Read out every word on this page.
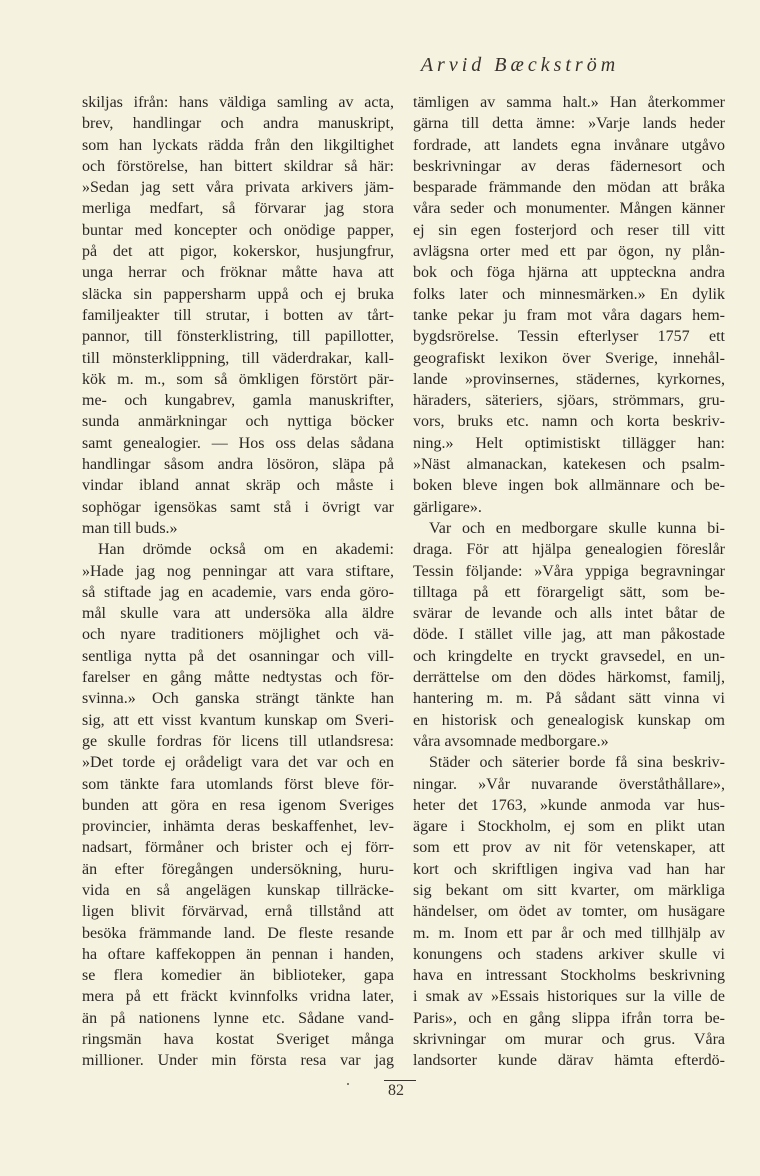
Arvid Bæckström
skiljas ifrån: hans väldiga samling av acta,
brev, handlingar och andra manuskript,
som han lyckats rädda från den likgiltighet
och förstörelse, han bittert skildrar så här:
»Sedan jag sett våra privata arkivers jäm-
merliga medfart, så förvarar jag stora
buntar med koncepter och onödige papper,
på det att pigor, kokerskor, husjungfrur,
unga herrar och fröknar måtte hava att
släcka sin pappersharm uppå och ej bruka
familjeakter till strutar, i botten av tårt-
pannor, till fönsterklistring, till papillotter,
till mönsterklippning, till väderdrakar, kall-
kök m. m., som så ömkligen förstört pär-
me- och kungabrev, gamla manuskrifter,
sunda anmärkningar och nyttiga böcker
samt genealogier. — Hos oss delas sådana
handlingar såsom andra lösöron, släpa på
vindar ibland annat skräp och måste i
sophögar igensökas samt stå i övrigt var
man till buds.»
Han drömde också om en akademi:
»Hade jag nog penningar att vara stiftare,
så stiftade jag en academie, vars enda göro-
mål skulle vara att undersöka alla äldre
och nyare traditioners möjlighet och vä-
sentliga nytta på det osanningar och vill-
farelser en gång måtte nedtystas och för-
svinna.» Och ganska strängt tänkte han
sig, att ett visst kvantum kunskap om Sveri-
ge skulle fordras för licens till utlandsresa:
»Det torde ej orådeligt vara det var och en
som tänkte fara utomlands först bleve för-
bunden att göra en resa igenom Sveriges
provincier, inhämta deras beskaffenhet, lev-
nadsart, förmåner och brister och ej förr-
än efter föregången undersökning, huru-
vida en så angelägen kunskap tillräcke-
ligen blivit förvärvad, ernå tillstånd att
besöka främmande land. De fleste resande
ha oftare kaffekoppen än pennan i handen,
se flera komedier än biblioteker, gapa
mera på ett fräckt kvinnfolks vridna later,
än på nationens lynne etc. Sådane vand-
ringsmän hava kostat Sveriget många
millioner. Under min första resa var jag
tämligen av samma halt.» Han återkommer
gärna till detta ämne: »Varje lands heder
fordrade, att landets egna invånare utgåvo
beskrivningar av deras fädernesort och
besparade främmande den mödan att bråka
våra seder och monumenter. Mången känner
ej sin egen fosterjord och reser till vitt
avlägsna orter med ett par ögon, ny plån-
bok och föga hjärna att uppteckna andra
folks later och minnesmärken.» En dylik
tanke pekar ju fram mot våra dagars hem-
bygdsrörelse. Tessin efterlyser 1757 ett
geografiskt lexikon över Sverige, innehål-
lande »provinsernes, städernes, kyrkornes,
häraders, säteriers, sjöars, strömmars, gru-
vors, bruks etc. namn och korta beskriv-
ning.» Helt optimistiskt tillägger han:
»Näst almanackan, katekesen och psalm-
boken bleve ingen bok allmännare och be-
gärligare».
Var och en medborgare skulle kunna bi-
draga. För att hjälpa genealogien föreslår
Tessin följande: »Våra yppiga begravningar
tilltaga på ett förargeligt sätt, som be-
svärar de levande och alls intet båtar de
döde. I stället ville jag, att man påkostade
och kringdelte en tryckt gravsedel, en un-
derrättelse om den dödes härkomst, familj,
hantering m. m. På sådant sätt vinna vi
en historisk och genealogisk kunskap om
våra avsomnade medborgare.»
Städer och säterier borde få sina beskriv-
ningar. »Vår nuvarande överståthållare»,
heter det 1763, »kunde anmoda var hus-
ägare i Stockholm, ej som en plikt utan
som ett prov av nit för vetenskaper, att
kort och skriftligen ingiva vad han har
sig bekant om sitt kvarter, om märkliga
händelser, om ödet av tomter, om husägare
m. m. Inom ett par år och med tillhjälp av
konungens och stadens arkiver skulle vi
hava en intressant Stockholms beskrivning
i smak av »Essais historiques sur la ville de
Paris», och en gång slippa ifrån torra be-
skrivningar om murar och grus. Våra
landsorter kunde därav hämta efterdö-
82
